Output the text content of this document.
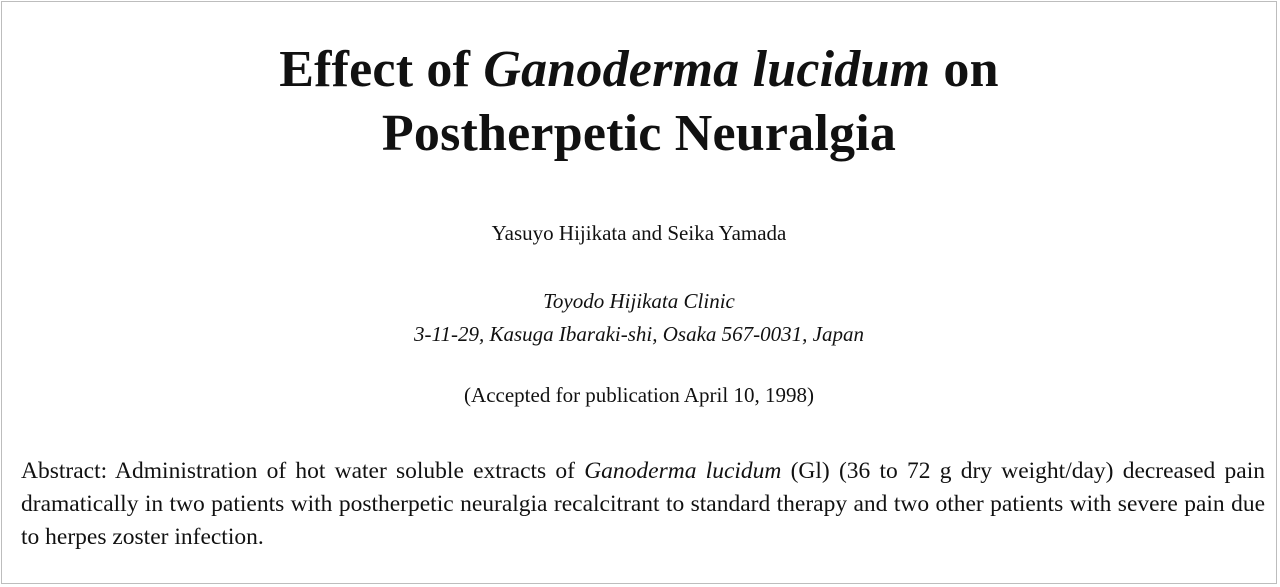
Effect of Ganoderma lucidum on
Postherpetic Neuralgia
Yasuyo Hijikata and Seika Yamada
Toyodo Hijikata Clinic
3-11-29, Kasuga Ibaraki-shi, Osaka 567-0031, Japan
(Accepted for publication April 10, 1998)

Abstract: Administration of hot water soluble extracts of Ganoderma lucidum (Gl) (36 to 72 g dry weight/day) decreased pain dramatically in two patients with postherpetic neuralgia recalcitrant to standard therapy and two other patients with severe pain due to herpes zoster infection.
